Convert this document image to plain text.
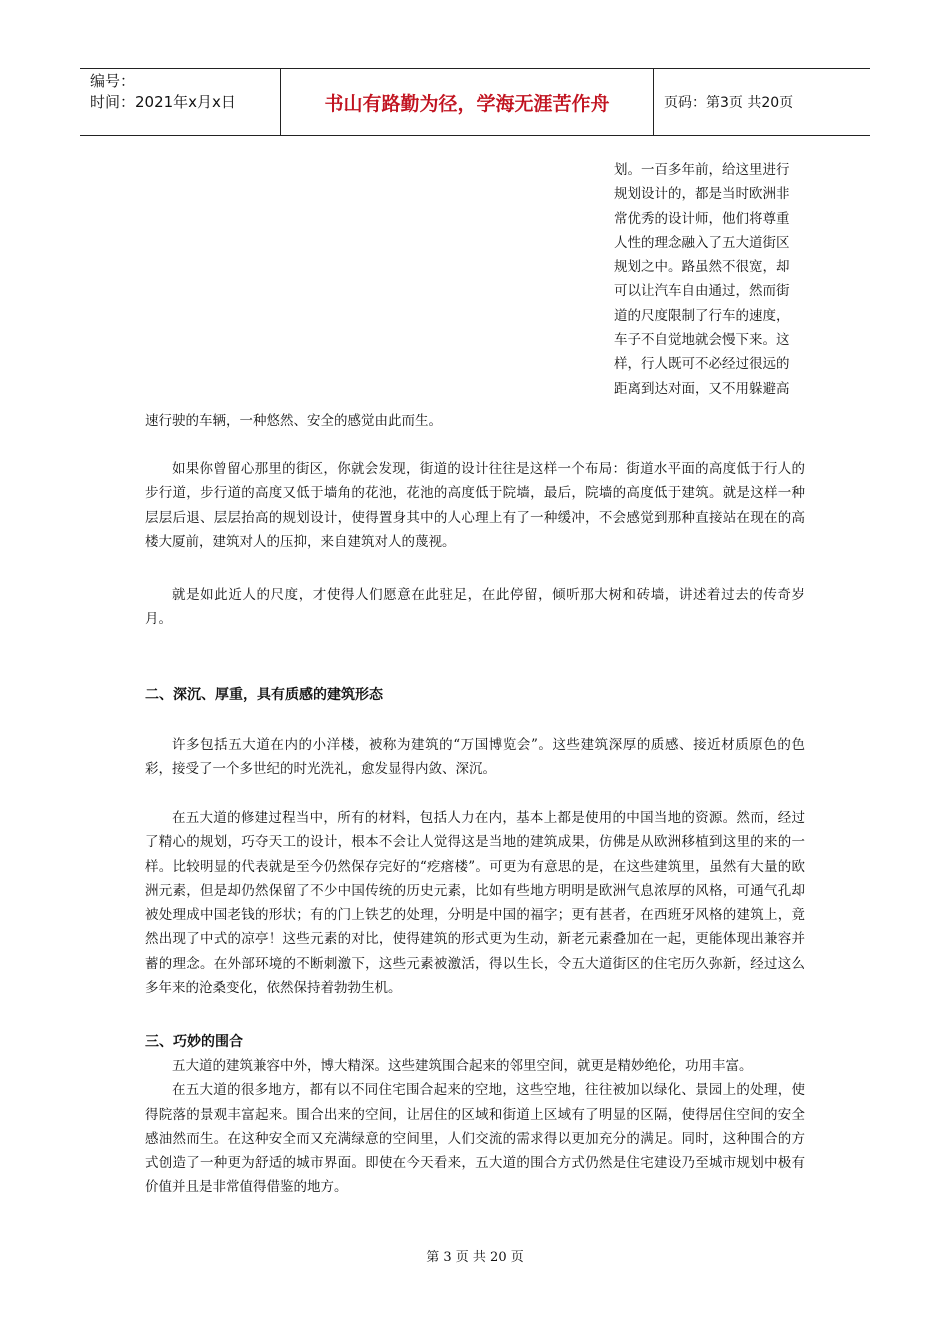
编号：
时间：2021年x月x日	书山有路勤为径，学海无涯苦作舟	页码：第3页 共20页

划。一百多年前，给这里进行

规划设计的，都是当时欧洲非

常优秀的设计师，他们将尊重

人性的理念融入了五大道街区

规划之中。路虽然不很宽，却

可以让汽车自由通过，然而街

道的尺度限制了行车的速度，

车子不自觉地就会慢下来。这

样，行人既可不必经过很远的

距离到达对面，又不用躲避高

速行驶的车辆，一种悠然、安全的感觉由此而生。

如果你曾留心那里的街区，你就会发现，街道的设计往往是这样一个布局：街道水平面的高度低于行人的步行道，步行道的高度又低于墙角的花池，花池的高度低于院墙，最后，院墙的高度低于建筑。就是这样一种层层后退、层层抬高的规划设计，使得置身其中的人心理上有了一种缓冲，不会感觉到那种直接站在现在的高楼大厦前，建筑对人的压抑，来自建筑对人的蔑视。

就是如此近人的尺度，才使得人们愿意在此驻足，在此停留，倾听那大树和砖墙，讲述着过去的传奇岁月。

二、深沉、厚重，具有质感的建筑形态

许多包括五大道在内的小洋楼，被称为建筑的“万国博览会”。这些建筑深厚的质感、接近材质原色的色彩，接受了一个多世纪的时光洗礼，愈发显得内敛、深沉。

在五大道的修建过程当中，所有的材料，包括人力在内，基本上都是使用的中国当地的资源。然而，经过了精心的规划，巧夺天工的设计，根本不会让人觉得这是当地的建筑成果，仿佛是从欧洲移植到这里的来的一样。比较明显的代表就是至今仍然保存完好的“疙瘩楼”。可更为有意思的是，在这些建筑里，虽然有大量的欧洲元素，但是却仍然保留了不少中国传统的历史元素，比如有些地方明明是欧洲气息浓厚的风格，可通气孔却被处理成中国老钱的形状；有的门上铁艺的处理，分明是中国的福字；更有甚者，在西班牙风格的建筑上，竟然出现了中式的凉亭！这些元素的对比，使得建筑的形式更为生动，新老元素叠加在一起，更能体现出兼容并蓄的理念。在外部环境的不断刺激下，这些元素被激活，得以生长，令五大道街区的住宅历久弥新，经过这么多年来的沧桑变化，依然保持着勃勃生机。

三、巧妙的围合

五大道的建筑兼容中外，博大精深。这些建筑围合起来的邻里空间，就更是精妙绝伦，功用丰富。

在五大道的很多地方，都有以不同住宅围合起来的空地，这些空地，往往被加以绿化、景园上的处理，使得院落的景观丰富起来。围合出来的空间，让居住的区域和街道上区域有了明显的区隔，使得居住空间的安全感油然而生。在这种安全而又充满绿意的空间里，人们交流的需求得以更加充分的满足。同时，这种围合的方式创造了一种更为舒适的城市界面。即使在今天看来，五大道的围合方式仍然是住宅建设乃至城市规划中极有价值并且是非常值得借鉴的地方。

第 3 页 共 20 页
